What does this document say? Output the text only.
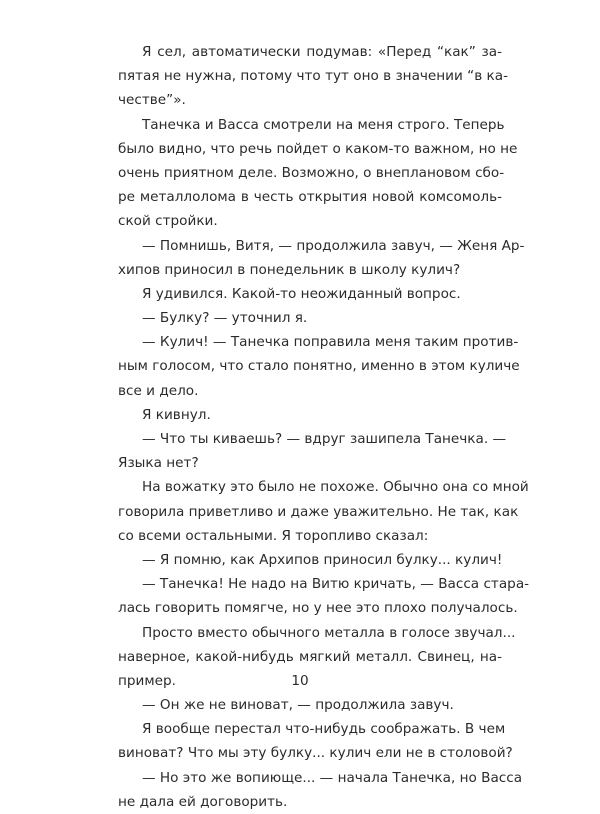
Я сел, автоматически подумав: «Перед “как” за-
пятая не нужна, потому что тут оно в значении “в ка-
честве”».
Танечка и Васса смотрели на меня строго. Теперь
было видно, что речь пойдет о каком-то важном, но не
очень приятном деле. Возможно, о внеплановом сбо-
ре металлолома в честь открытия новой комсомоль-
ской стройки.
— Помнишь, Витя, — продолжила завуч, — Женя Ар-
хипов приносил в понедельник в школу кулич?
Я удивился. Какой-то неожиданный вопрос.
— Булку? — уточнил я.
— Кулич! — Танечка поправила меня таким против-
ным голосом, что стало понятно, именно в этом куличе
все и дело.
Я кивнул.
— Что ты киваешь? — вдруг зашипела Танечка. —
Языка нет?
На вожатку это было не похоже. Обычно она со мной
говорила приветливо и даже уважительно. Не так, как
со всеми остальными. Я торопливо сказал:
— Я помню, как Архипов приносил булку... кулич!
— Танечка! Не надо на Витю кричать, — Васса стара-
лась говорить помягче, но у нее это плохо получалось.
Просто вместо обычного металла в голосе звучал...
наверное, какой-нибудь мягкий металл. Свинец, на-
пример.
— Он же не виноват, — продолжила завуч.
Я вообще перестал что-нибудь соображать. В чем
виноват? Что мы эту булку... кулич ели не в столовой?
— Но это же вопиюще... — начала Танечка, но Васса
не дала ей договорить.
10
